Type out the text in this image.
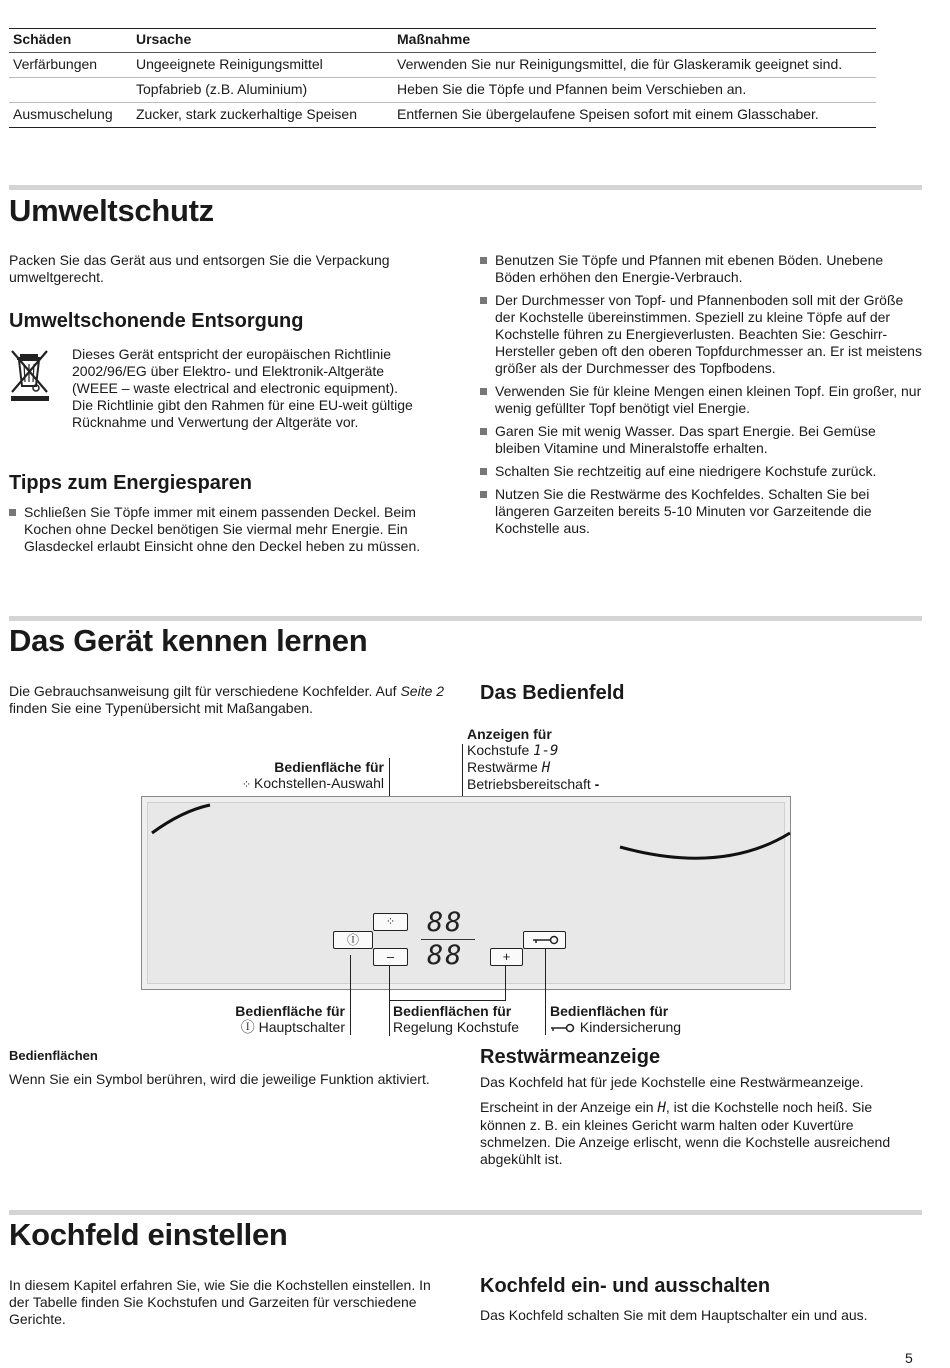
Schäden	Ursache	Maßnahme
Verfärbungen	Ungeeignete Reinigungsmittel	Verwenden Sie nur Reinigungsmittel, die für Glaskeramik geeignet sind.
	Topfabrieb (z.B. Aluminium)	Heben Sie die Töpfe und Pfannen beim Verschieben an.
Ausmuschelung	Zucker, stark zuckerhaltige Speisen	Entfernen Sie übergelaufene Speisen sofort mit einem Glasschaber.
Umweltschutz
Packen Sie das Gerät aus und entsorgen Sie die Verpackung umweltgerecht.
Umweltschonende Entsorgung
Dieses Gerät entspricht der europäischen Richtlinie 2002/96/EG über Elektro- und Elektronik-Altgeräte (WEEE – waste electrical and electronic equipment). Die Richtlinie gibt den Rahmen für eine EU-weit gültige Rücknahme und Verwertung der Altgeräte vor.
Tipps zum Energiesparen
Schließen Sie Töpfe immer mit einem passenden Deckel. Beim Kochen ohne Deckel benötigen Sie viermal mehr Energie. Ein Glasdeckel erlaubt Einsicht ohne den Deckel heben zu müssen.
Benutzen Sie Töpfe und Pfannen mit ebenen Böden. Unebene Böden erhöhen den Energie-Verbrauch.
Der Durchmesser von Topf- und Pfannenboden soll mit der Größe der Kochstelle übereinstimmen. Speziell zu kleine Töpfe auf der Kochstelle führen zu Energieverlusten. Beachten Sie: Geschirr-Hersteller geben oft den oberen Topfdurchmesser an. Er ist meistens größer als der Durchmesser des Topfbodens.
Verwenden Sie für kleine Mengen einen kleinen Topf. Ein großer, nur wenig gefüllter Topf benötigt viel Energie.
Garen Sie mit wenig Wasser. Das spart Energie. Bei Gemüse bleiben Vitamine und Mineralstoffe erhalten.
Schalten Sie rechtzeitig auf eine niedrigere Kochstufe zurück.
Nutzen Sie die Restwärme des Kochfeldes. Schalten Sie bei längeren Garzeiten bereits 5-10 Minuten vor Garzeitende die Kochstelle aus.
Das Gerät kennen lernen
Die Gebrauchsanweisung gilt für verschiedene Kochfelder. Auf Seite 2 finden Sie eine Typenübersicht mit Maßangaben.
Das Bedienfeld
Bedienfläche für
⁘ Kochstellen-Auswahl
Anzeigen für
Kochstufe 1-9
Restwärme H
Betriebsbereitschaft -
Ⓘ
⁘
–	+
88
88
Bedienfläche für
Ⓘ Hauptschalter
Bedienflächen für
Regelung Kochstufe
Bedienflächen für
Kindersicherung
Bedienflächen
Wenn Sie ein Symbol berühren, wird die jeweilige Funktion aktiviert.
Restwärmeanzeige
Das Kochfeld hat für jede Kochstelle eine Restwärmeanzeige.
Erscheint in der Anzeige ein H, ist die Kochstelle noch heiß. Sie können z. B. ein kleines Gericht warm halten oder Kuvertüre schmelzen. Die Anzeige erlischt, wenn die Kochstelle ausreichend abgekühlt ist.
Kochfeld einstellen
In diesem Kapitel erfahren Sie, wie Sie die Kochstellen einstellen. In der Tabelle finden Sie Kochstufen und Garzeiten für verschiedene Gerichte.
Kochfeld ein- und ausschalten
Das Kochfeld schalten Sie mit dem Hauptschalter ein und aus.
5
